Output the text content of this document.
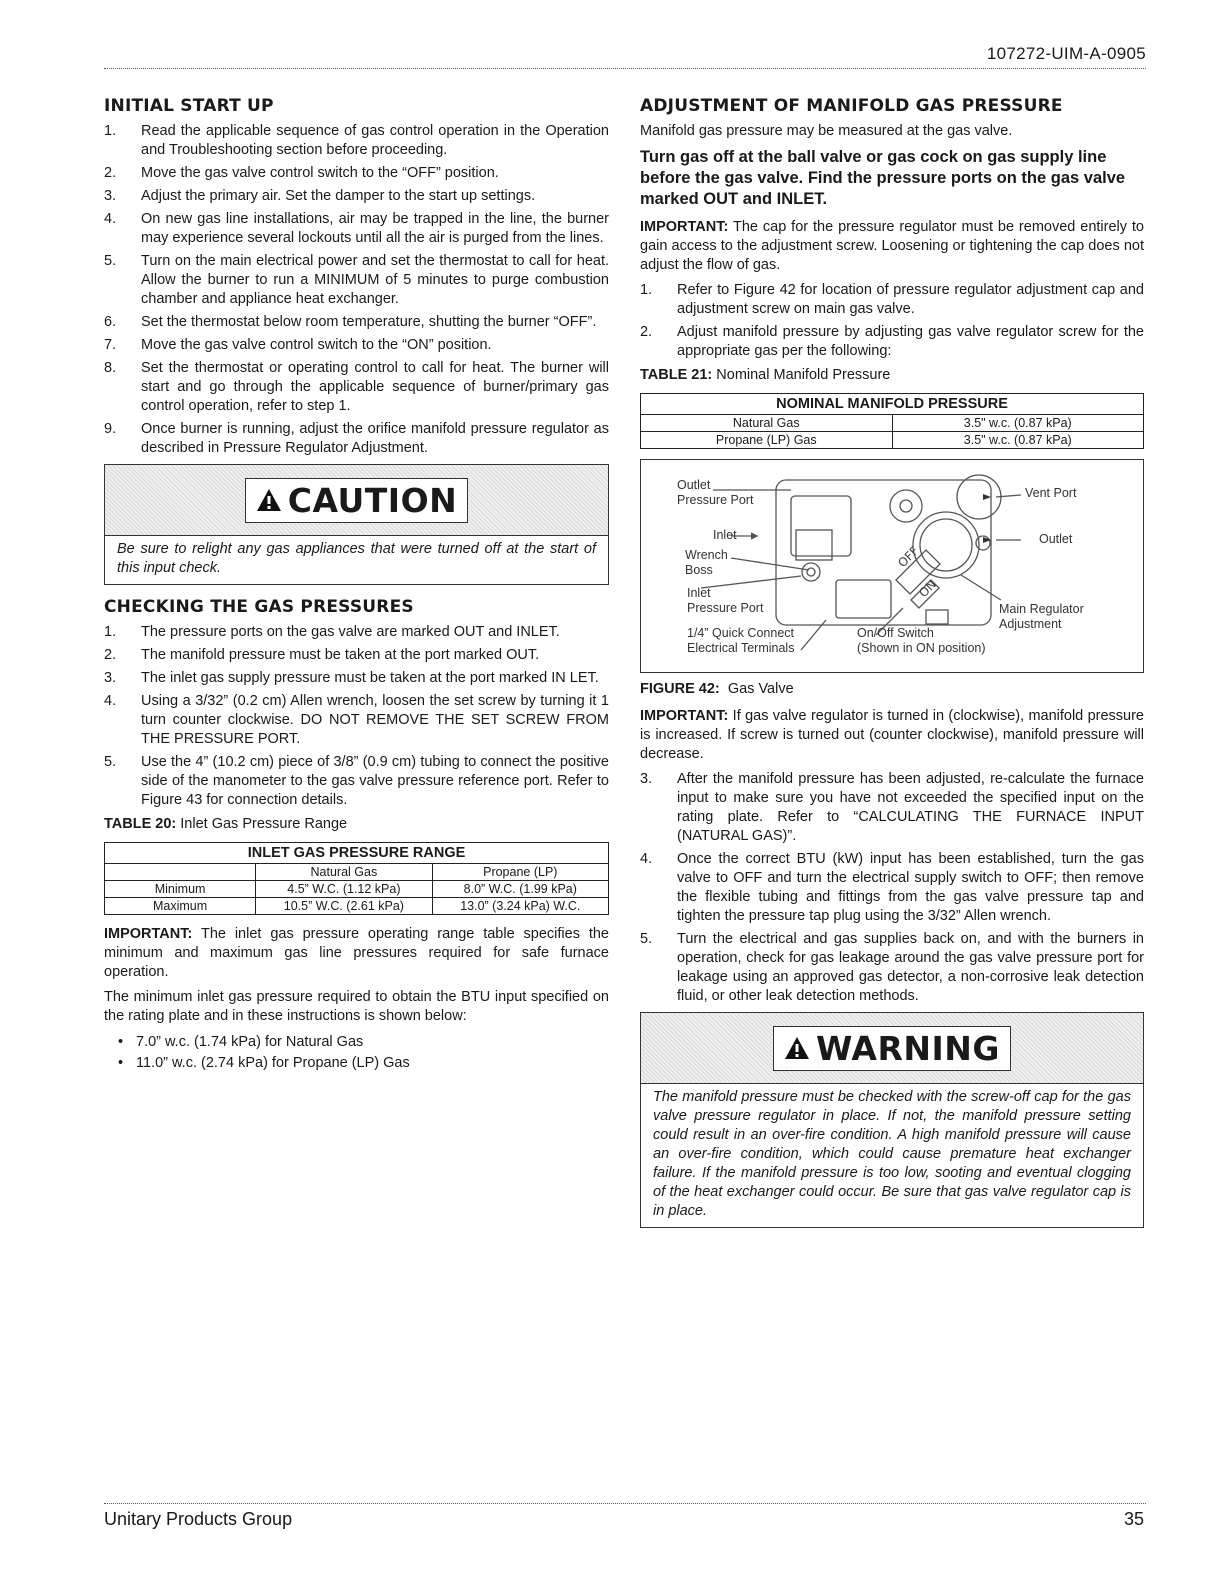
107272-UIM-A-0905
INITIAL START UP
1.	Read the applicable sequence of gas control operation in the Operation and Troubleshooting section before proceeding.
2.	Move the gas valve control switch to the “OFF” position.
3.	Adjust the primary air. Set the damper to the start up settings.
4.	On new gas line installations, air may be trapped in the line, the burner may experience several lockouts until all the air is purged from the lines.
5.	Turn on the main electrical power and set the thermostat to call for heat. Allow the burner to run a MINIMUM of 5 minutes to purge combustion chamber and appliance heat exchanger.
6.	Set the thermostat below room temperature, shutting the burner “OFF”.
7.	Move the gas valve control switch to the “ON” position.
8.	Set the thermostat or operating control to call for heat. The burner will start and go through the applicable sequence of burner/primary gas control operation, refer to step 1.
9.	Once burner is running, adjust the orifice manifold pressure regulator as described in Pressure Regulator Adjustment.
CAUTION
Be sure to relight any gas appliances that were turned off at the start of this input check.
CHECKING THE GAS PRESSURES
1.	The pressure ports on the gas valve are marked OUT and INLET.
2.	The manifold pressure must be taken at the port marked OUT.
3.	The inlet gas supply pressure must be taken at the port marked IN LET.
4.	Using a 3/32” (0.2 cm) Allen wrench, loosen the set screw by turning it 1 turn counter clockwise. DO NOT REMOVE THE SET SCREW FROM THE PRESSURE PORT.
5.	Use the 4” (10.2 cm) piece of 3/8” (0.9 cm) tubing to connect the positive side of the manometer to the gas valve pressure reference port. Refer to Figure 43 for connection details.
TABLE 20: Inlet Gas Pressure Range
INLET GAS PRESSURE RANGE		
	Natural Gas	Propane (LP)
Minimum	4.5” W.C. (1.12 kPa)	8.0” W.C. (1.99 kPa)
Maximum	10.5” W.C. (2.61 kPa)	13.0” (3.24 kPa) W.C.
IMPORTANT: The inlet gas pressure operating range table specifies the minimum and maximum gas line pressures required for safe furnace operation.
The minimum inlet gas pressure required to obtain the BTU input specified on the rating plate and in these instructions is shown below:
• 7.0” w.c. (1.74 kPa) for Natural Gas
• 11.0” w.c. (2.74 kPa) for Propane (LP) Gas
ADJUSTMENT OF MANIFOLD GAS PRESSURE
Manifold gas pressure may be measured at the gas valve.
Turn gas off at the ball valve or gas cock on gas supply line before the gas valve. Find the pressure ports on the gas valve marked OUT and INLET.
IMPORTANT: The cap for the pressure regulator must be removed entirely to gain access to the adjustment screw. Loosening or tightening the cap does not adjust the flow of gas.
1.	Refer to Figure 42 for location of pressure regulator adjustment cap and adjustment screw on main gas valve.
2.	Adjust manifold pressure by adjusting gas valve regulator screw for the appropriate gas per the following:
TABLE 21: Nominal Manifold Pressure
NOMINAL MANIFOLD PRESSURE	
Natural Gas	3.5" w.c. (0.87 kPa)
Propane (LP) Gas	3.5" w.c. (0.87 kPa)
OFF
ON
Outlet
Pressure Port
Inlet
Wrench
Boss
Inlet
Pressure Port
1/4” Quick Connect
Electrical Terminals
On/Off Switch
(Shown in ON position)
Vent Port
Outlet
Main Regulator
Adjustment
FIGURE 42:  Gas Valve
IMPORTANT: If gas valve regulator is turned in (clockwise), manifold pressure is increased. If screw is turned out (counter clockwise), manifold pressure will decrease.
3.	After the manifold pressure has been adjusted, re-calculate the furnace input to make sure you have not exceeded the specified input on the rating plate. Refer to “CALCULATING THE FURNACE INPUT (NATURAL GAS)”.
4.	Once the correct BTU (kW) input has been established, turn the gas valve to OFF and turn the electrical supply switch to OFF; then remove the flexible tubing and fittings from the gas valve pressure tap and tighten the pressure tap plug using the 3/32” Allen wrench.
5.	Turn the electrical and gas supplies back on, and with the burners in operation, check for gas leakage around the gas valve pressure port for leakage using an approved gas detector, a non-corrosive leak detection fluid, or other leak detection methods.
WARNING
The manifold pressure must be checked with the screw-off cap for the gas valve pressure regulator in place. If not, the manifold pressure setting could result in an over-fire condition. A high manifold pressure will cause an over-fire condition, which could cause premature heat exchanger failure. If the manifold pressure is too low, sooting and eventual clogging of the heat exchanger could occur. Be sure that gas valve regulator cap is in place.
Unitary Products Group	35
